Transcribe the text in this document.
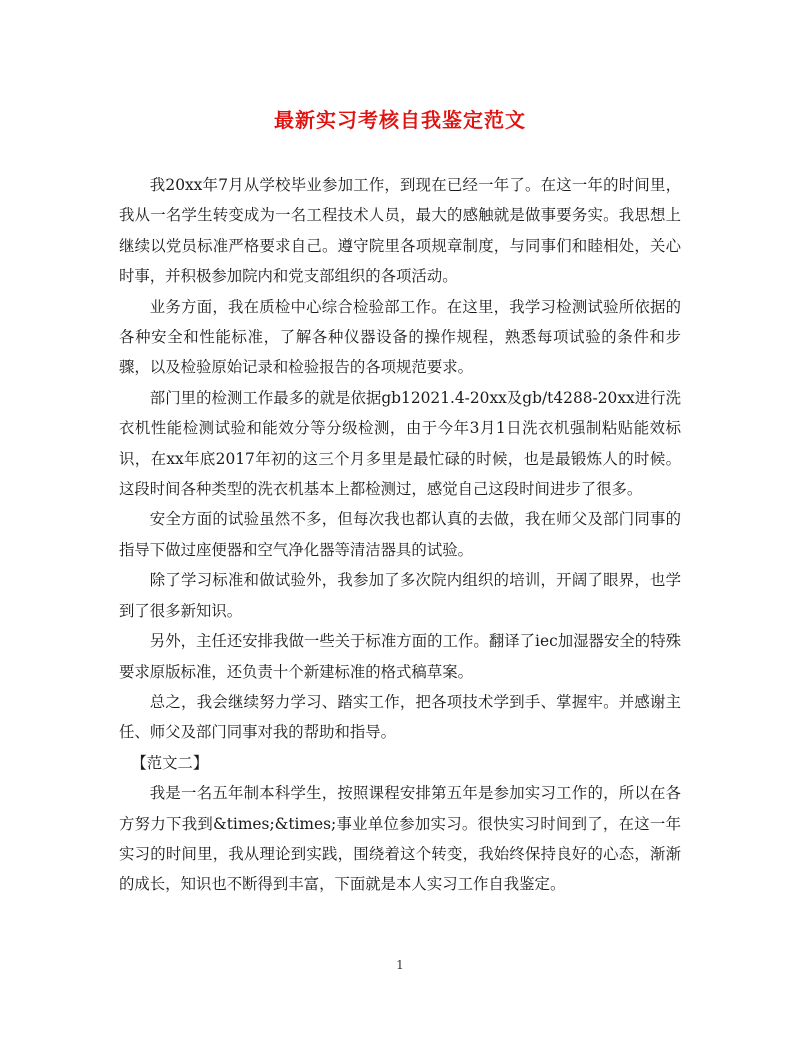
最新实习考核自我鉴定范文

我20xx年7月从学校毕业参加工作，到现在已经一年了。在这一年的时间里，我从一名学生转变成为一名工程技术人员，最大的感触就是做事要务实。我思想上继续以党员标准严格要求自己。遵守院里各项规章制度，与同事们和睦相处，关心时事，并积极参加院内和党支部组织的各项活动。

业务方面，我在质检中心综合检验部工作。在这里，我学习检测试验所依据的各种安全和性能标准，了解各种仪器设备的操作规程，熟悉每项试验的条件和步骤，以及检验原始记录和检验报告的各项规范要求。

部门里的检测工作最多的就是依据gb12021.4-20xx及gb/t4288-20xx进行洗衣机性能检测试验和能效分等分级检测，由于今年3月1日洗衣机强制粘贴能效标识，在xx年底2017年初的这三个月多里是最忙碌的时候，也是最锻炼人的时候。这段时间各种类型的洗衣机基本上都检测过，感觉自己这段时间进步了很多。

安全方面的试验虽然不多，但每次我也都认真的去做，我在师父及部门同事的指导下做过座便器和空气净化器等清洁器具的试验。

除了学习标准和做试验外，我参加了多次院内组织的培训，开阔了眼界，也学到了很多新知识。

另外，主任还安排我做一些关于标准方面的工作。翻译了iec加湿器安全的特殊要求原版标准，还负责十个新建标准的格式稿草案。

总之，我会继续努力学习、踏实工作，把各项技术学到手、掌握牢。并感谢主任、师父及部门同事对我的帮助和指导。

【范文二】

我是一名五年制本科学生，按照课程安排第五年是参加实习工作的，所以在各方努力下我到&times;&times;事业单位参加实习。很快实习时间到了，在这一年实习的时间里，我从理论到实践，围绕着这个转变，我始终保持良好的心态，渐渐的成长，知识也不断得到丰富，下面就是本人实习工作自我鉴定。

1
